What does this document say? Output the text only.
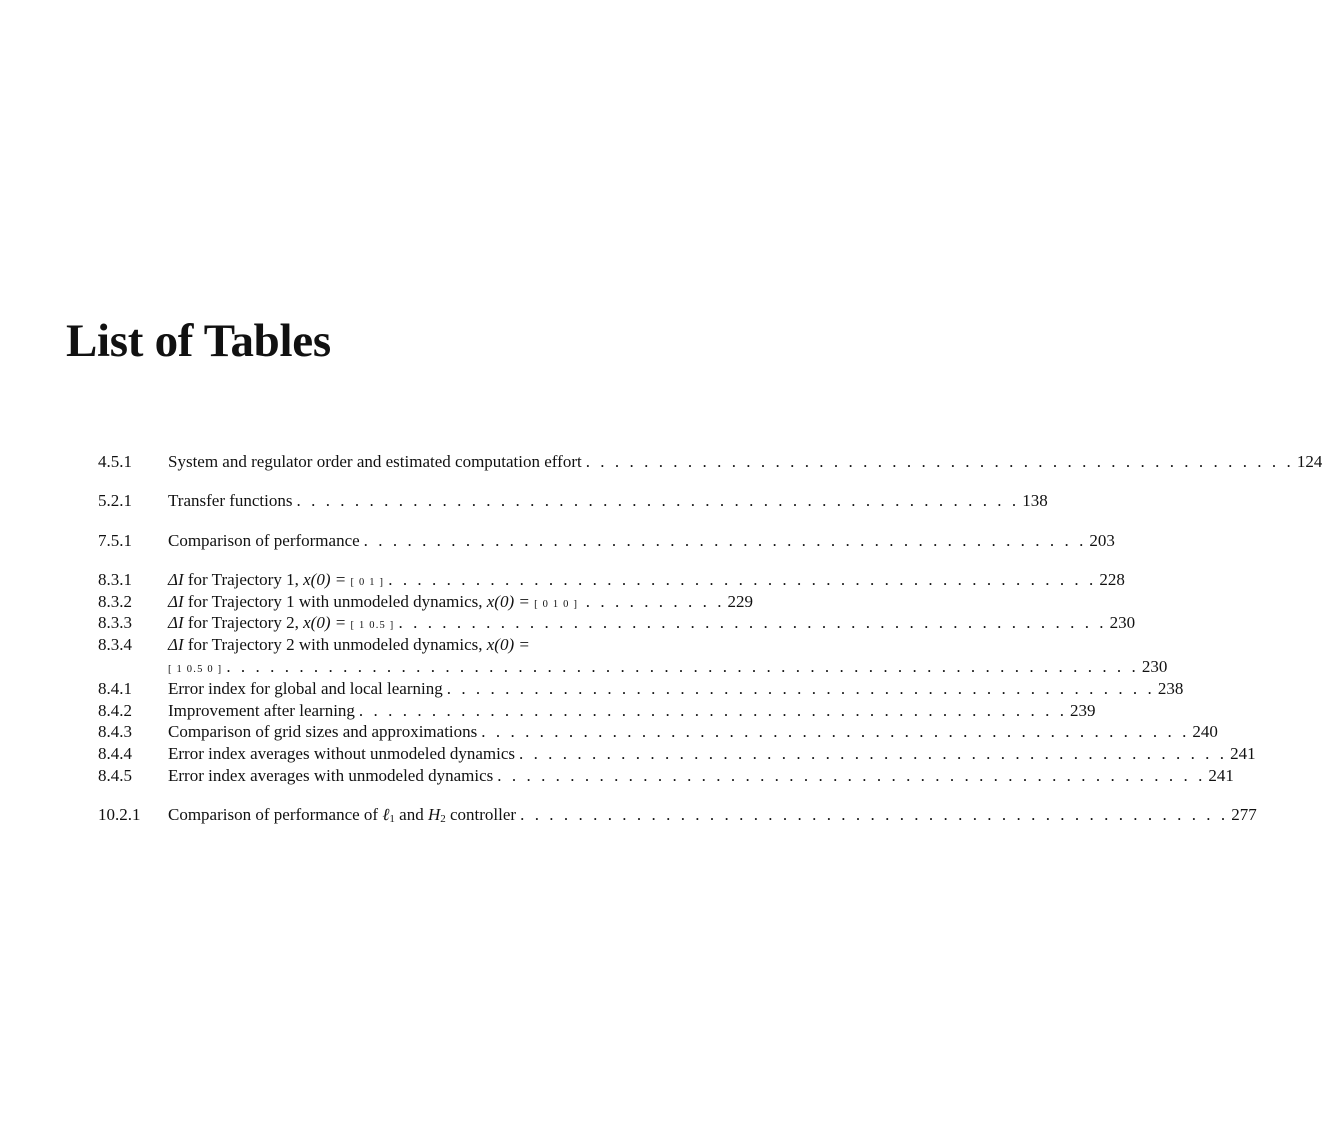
List of Tables
4.5.1 System and regulator order and estimated computation effort . . . . . . . . . . . . . . . . . . . . . . . . . . . . . . . . . . . . . . . . . . . . . . . . . 124
5.2.1 Transfer functions . . . . . . . . . . . . . . . . . . . . . . . . . . . . . . . . . . . . . . . . . . . . . . . . . . 138
7.5.1 Comparison of performance . . . . . . . . . . . . . . . . . . . . . . . . . . . . . . . . . . . . . . . . . . . . . . . . . . 203
8.3.1 ΔI for Trajectory 1, x(0) = [ 0 1 ] . . . . . . . . . . . . . . . . . . . . . . . . . . . . . . . . . . . . . . . . . . . . . . . . . 228
8.3.2 ΔI for Trajectory 1 with unmodeled dynamics, x(0) = [ 0 1 0 ] . . . . . . . . . . 229
8.3.3 ΔI for Trajectory 2, x(0) = [ 1 0.5 ] . . . . . . . . . . . . . . . . . . . . . . . . . . . . . . . . . . . . . . . . . . . . . . . . . 230
8.3.4 ΔI for Trajectory 2 with unmodeled dynamics, x(0) =
[ 1 0.5 0 ] . . . . . . . . . . . . . . . . . . . . . . . . . . . . . . . . . . . . . . . . . . . . . . . . . . . . . . . . . . . . . . . 230
8.4.1 Error index for global and local learning . . . . . . . . . . . . . . . . . . . . . . . . . . . . . . . . . . . . . . . . . . . . . . . . . 238
8.4.2 Improvement after learning . . . . . . . . . . . . . . . . . . . . . . . . . . . . . . . . . . . . . . . . . . . . . . . . . 239
8.4.3 Comparison of grid sizes and approximations . . . . . . . . . . . . . . . . . . . . . . . . . . . . . . . . . . . . . . . . . . . . . . . . . 240
8.4.4 Error index averages without unmodeled dynamics . . . . . . . . . . . . . . . . . . . . . . . . . . . . . . . . . . . . . . . . . . . . . . . . . 241
8.4.5 Error index averages with unmodeled dynamics . . . . . . . . . . . . . . . . . . . . . . . . . . . . . . . . . . . . . . . . . . . . . . . . . 241
10.2.1 Comparison of performance of ℓ$_1$ and $H_2$ controller . . . . . . . . . . . . . . . . . . . . . . . . . . . . . . . . . . . . . . . . . . . . . . . . . 277
